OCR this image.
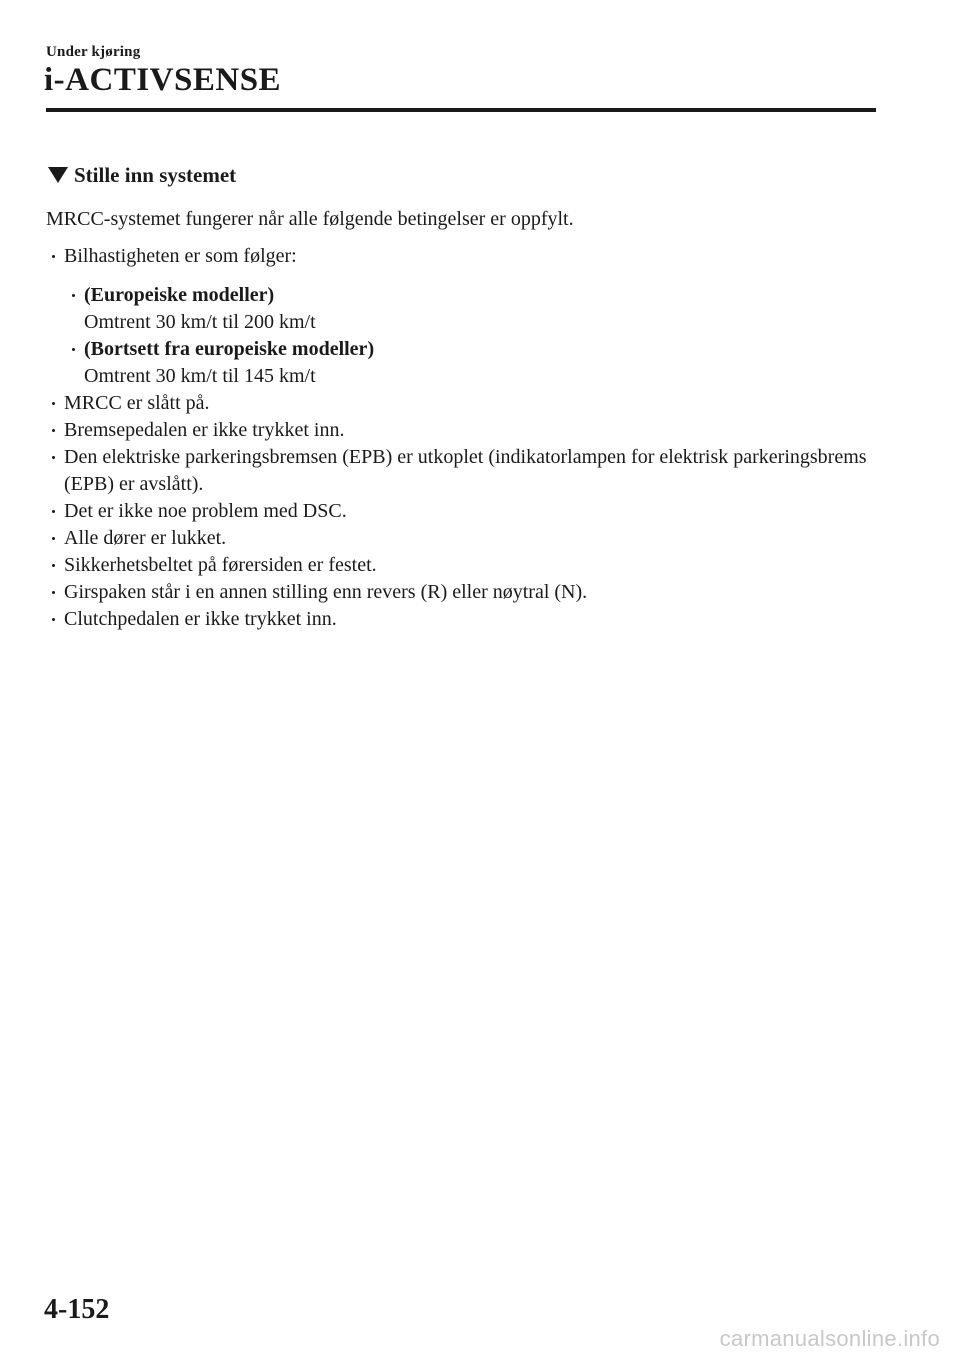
Under kjøring
i-ACTIVSENSE
Stille inn systemet

MRCC-systemet fungerer når alle følgende betingelser er oppfylt.

Bilhastigheten er som følger:
(Europeiske modeller)
Omtrent 30 km/t til 200 km/t
(Bortsett fra europeiske modeller)
Omtrent 30 km/t til 145 km/t
MRCC er slått på.
Bremsepedalen er ikke trykket inn.
Den elektriske parkeringsbremsen (EPB) er utkoplet (indikatorlampen for elektrisk parkeringsbrems (EPB) er avslått).
Det er ikke noe problem med DSC.
Alle dører er lukket.
Sikkerhetsbeltet på førersiden er festet.
Girspaken står i en annen stilling enn revers (R) eller nøytral (N).
Clutchpedalen er ikke trykket inn.
4-152
carmanualsonline.info
